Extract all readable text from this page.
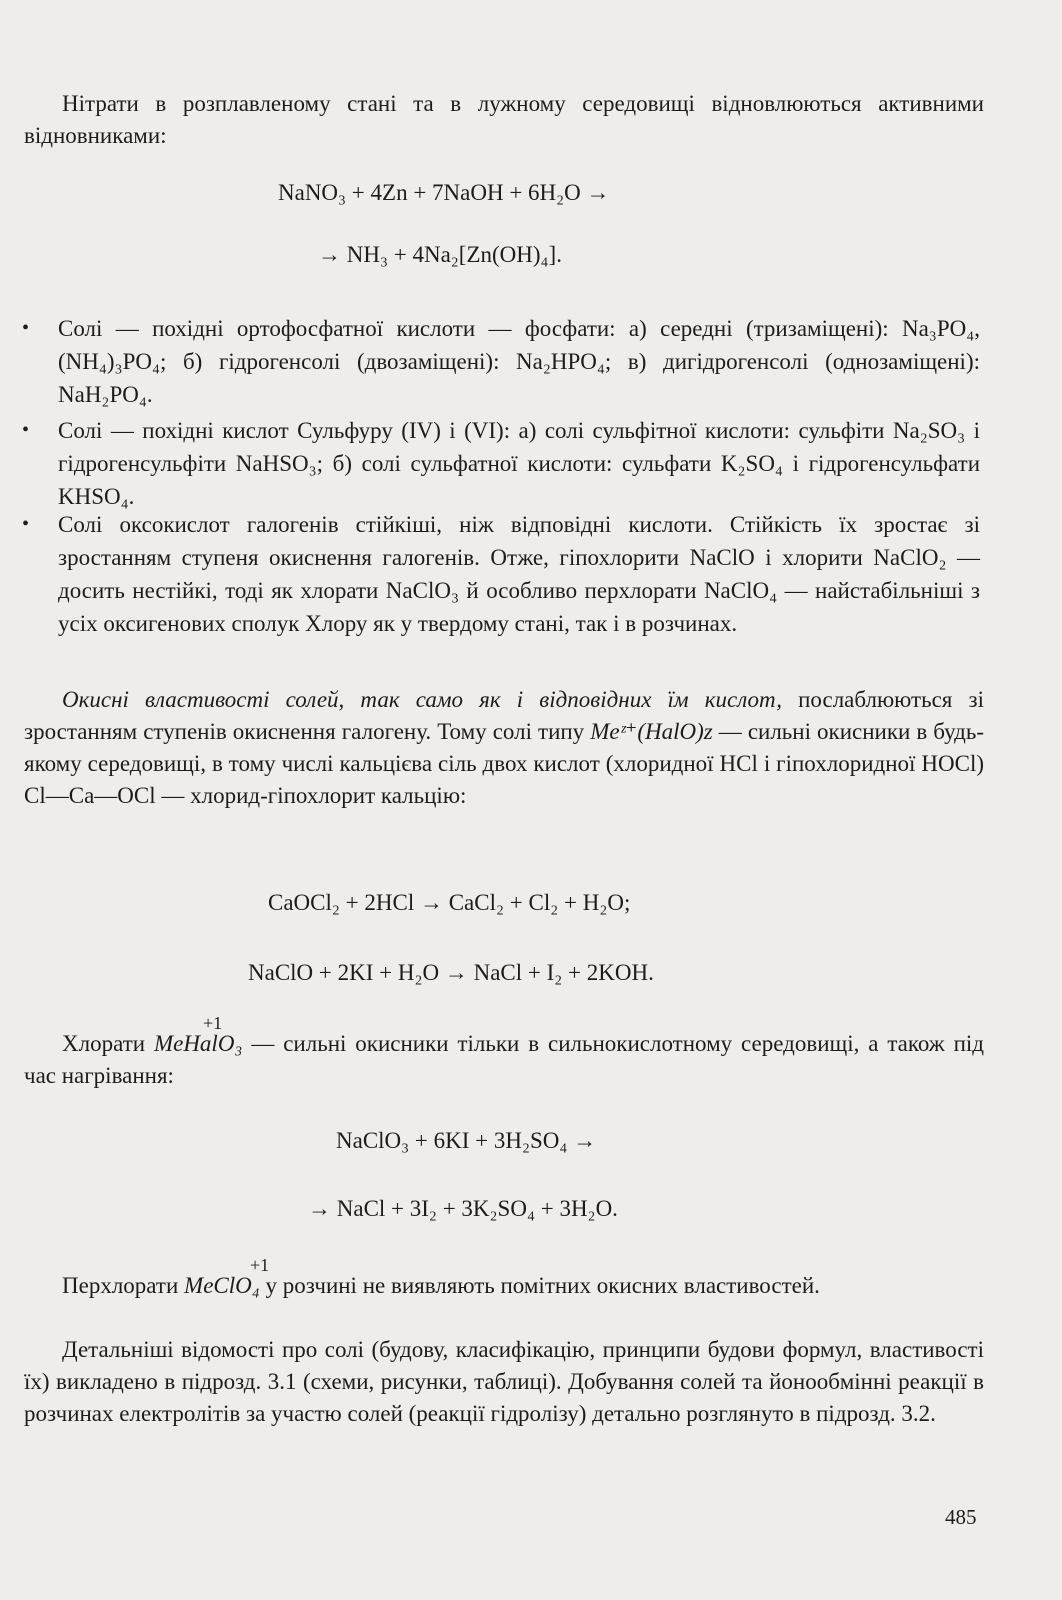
Нітрати в розплавленому стані та в лужному середовищі відновлюються активними відновниками:
NaNO₃ + 4Zn + 7NaOH + 6H₂O →
→ NH₃ + 4Na₂[Zn(OH)₄].
•	Солі — похідні ортофосфатної кислоти — фосфати: а) середні (тризаміщені): Na₃PO₄, (NH₄)₃PO₄; б) гідрогенсолі (двозаміщені): Na₂HPO₄; в) дигідрогенсолі (однозаміщені): NaH₂PO₄.
•	Солі — похідні кислот Сульфуру (IV) і (VI): а) солі сульфітної кислоти: сульфіти Na₂SO₃ і гідрогенсульфіти NaHSO₃; б) солі сульфатної кислоти: сульфати K₂SO₄ і гідрогенсульфати KHSO₄.
•	Солі оксокислот галогенів стійкіші, ніж відповідні кислоти. Стійкість їх зростає зі зростанням ступеня окиснення галогенів. Отже, гіпохлорити NaClO і хлорити NaClO₂ — досить нестійкі, тоді як хлорати NaClO₃ й особливо перхлорати NaClO₄ — найстабільніші з усіх оксигенових сполук Хлору як у твердому стані, так і в розчинах.
Окисні властивості солей, так само як і відповідних їм кислот, послаблюються зі зростанням ступенів окиснення галогену. Тому солі типу Meᶻ⁺(HalO)z — сильні окисники в будь-якому середовищі, в тому числі кальцієва сіль двох кислот (хлоридної HCl і гіпохлоридної HOCl) Cl—Ca—OCl — хлорид-гіпохлорит кальцію:
CaOCl₂ + 2HCl → CaCl₂ + Cl₂ + H₂O;
NaClO + 2KI + H₂O → NaCl + I₂ + 2KOH.
+1
Хлорати MeHalO₃ — сильні окисники тільки в сильнокислотному середовищі, а також під час нагрівання:
NaClO₃ + 6KI + 3H₂SO₄ →
→ NaCl + 3I₂ + 3K₂SO₄ + 3H₂O.
+1
Перхлорати MeClO₄ у розчині не виявляють помітних окисних властивостей.
Детальніші відомості про солі (будову, класифікацію, принципи будови формул, властивості їх) викладено в підрозд. 3.1 (схеми, рисунки, таблиці). Добування солей та йонообмінні реакції в розчинах електролітів за участю солей (реакції гідролізу) детально розглянуто в підрозд. 3.2.
485
